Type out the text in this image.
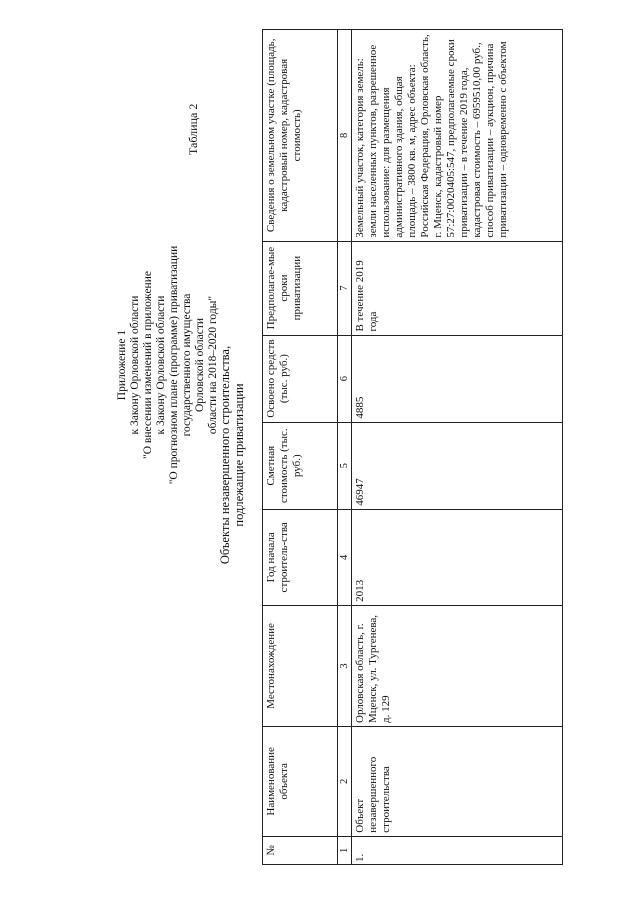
Приложение 1 к Закону Орловской области "О внесении изменений в приложение к Закону Орловской области "О прогнозном плане (программе) приватизации государственного имущества Орловской области области на 2018–2020 годы"
Таблица 2
Объекты незавершенного строительства, подлежащие приватизации
№	Наименование объекта	Местонахождение	Год начала строитель-ства	Сметная стоимость (тыс. руб.)	Освоено средств (тыс. руб.)	Предполагае-мые сроки приватизации	Сведения о земельном участке (площадь, кадастровый номер, кадастровая стоимость)
1	2	3	4	5	6	7	8
1.	Объект незавершенного строительства	Орловская область, г. Мценск, ул. Тургенева, д. 129	2013	46947	4885	В течение 2019 года	Земельный участок, категория земель: земли населенных пунктов, разрешенное использование: для размещения административного здания, общая площадь – 3800 кв. м, адрес объекта: Российская Федерация, Орловская область, г. Мценск, кадастровый номер 57:27:0020405:547, предполагаемые сроки приватизации – в течение 2019 года, кадастровая стоимость – 6959510,00 руб., способ приватизации – аукцион, причина приватизации – одновременно с объектом
